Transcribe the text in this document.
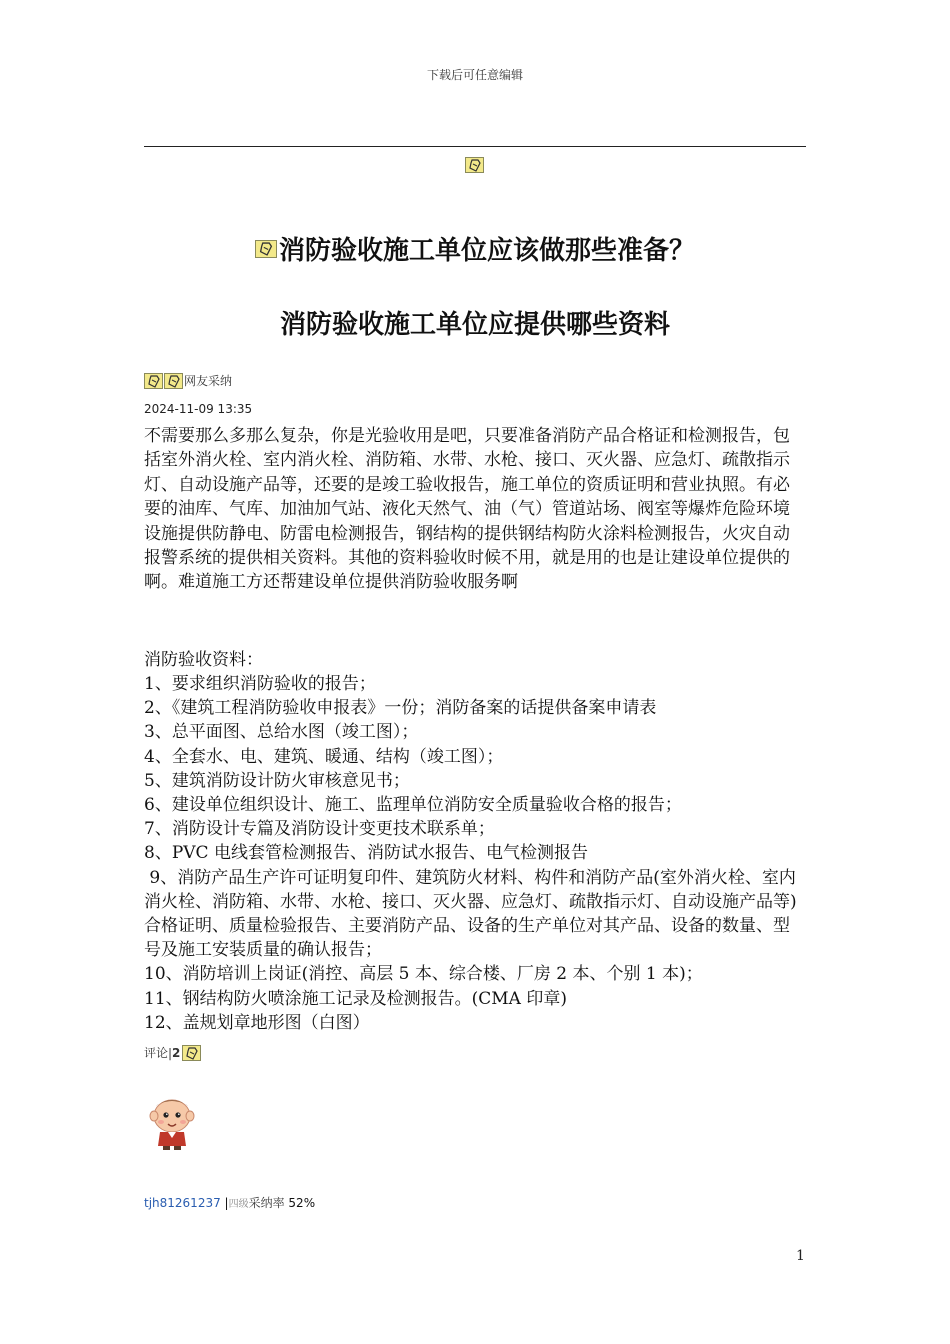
下载后可任意编辑
消防验收施工单位应该做那些准备？
消防验收施工单位应提供哪些资料
网友采纳
2024-11-09 13:35
不需要那么多那么复杂，你是光验收用是吧，只要准备消防产品合格证和检测报告，包括室外消火栓、室内消火栓、消防箱、水带、水枪、接口、灭火器、应急灯、疏散指示灯、自动设施产品等，还要的是竣工验收报告，施工单位的资质证明和营业执照。有必要的油库、气库、加油加气站、液化天然气、油（气）管道站场、阀室等爆炸危险环境设施提供防静电、防雷电检测报告，钢结构的提供钢结构防火涂料检测报告，火灾自动报警系统的提供相关资料。其他的资料验收时候不用，就是用的也是让建设单位提供的啊。难道施工方还帮建设单位提供消防验收服务啊
消防验收资料：
1、要求组织消防验收的报告；
2、《建筑工程消防验收申报表》一份；消防备案的话提供备案申请表
3、总平面图、总给水图（竣工图）；
4、全套水、电、建筑、暖通、结构（竣工图）；
5、建筑消防设计防火审核意见书；
6、建设单位组织设计、施工、监理单位消防安全质量验收合格的报告；
7、消防设计专篇及消防设计变更技术联系单；
8、PVC 电线套管检测报告、消防试水报告、电气检测报告
9、消防产品生产许可证明复印件、建筑防火材料、构件和消防产品(室外消火栓、室内消火栓、消防箱、水带、水枪、接口、灭火器、应急灯、疏散指示灯、自动设施产品等) 合格证明、质量检验报告、主要消防产品、设备的生产单位对其产品、设备的数量、型号及施工安装质量的确认报告；
10、消防培训上岗证(消控、高层 5 本、综合楼、厂房 2 本、个别 1 本)；
11、钢结构防火喷涂施工记录及检测报告。(CMA 印章)
12、盖规划章地形图（白图）
评论| 2
tjh81261237 |四级采纳率 52%
1
